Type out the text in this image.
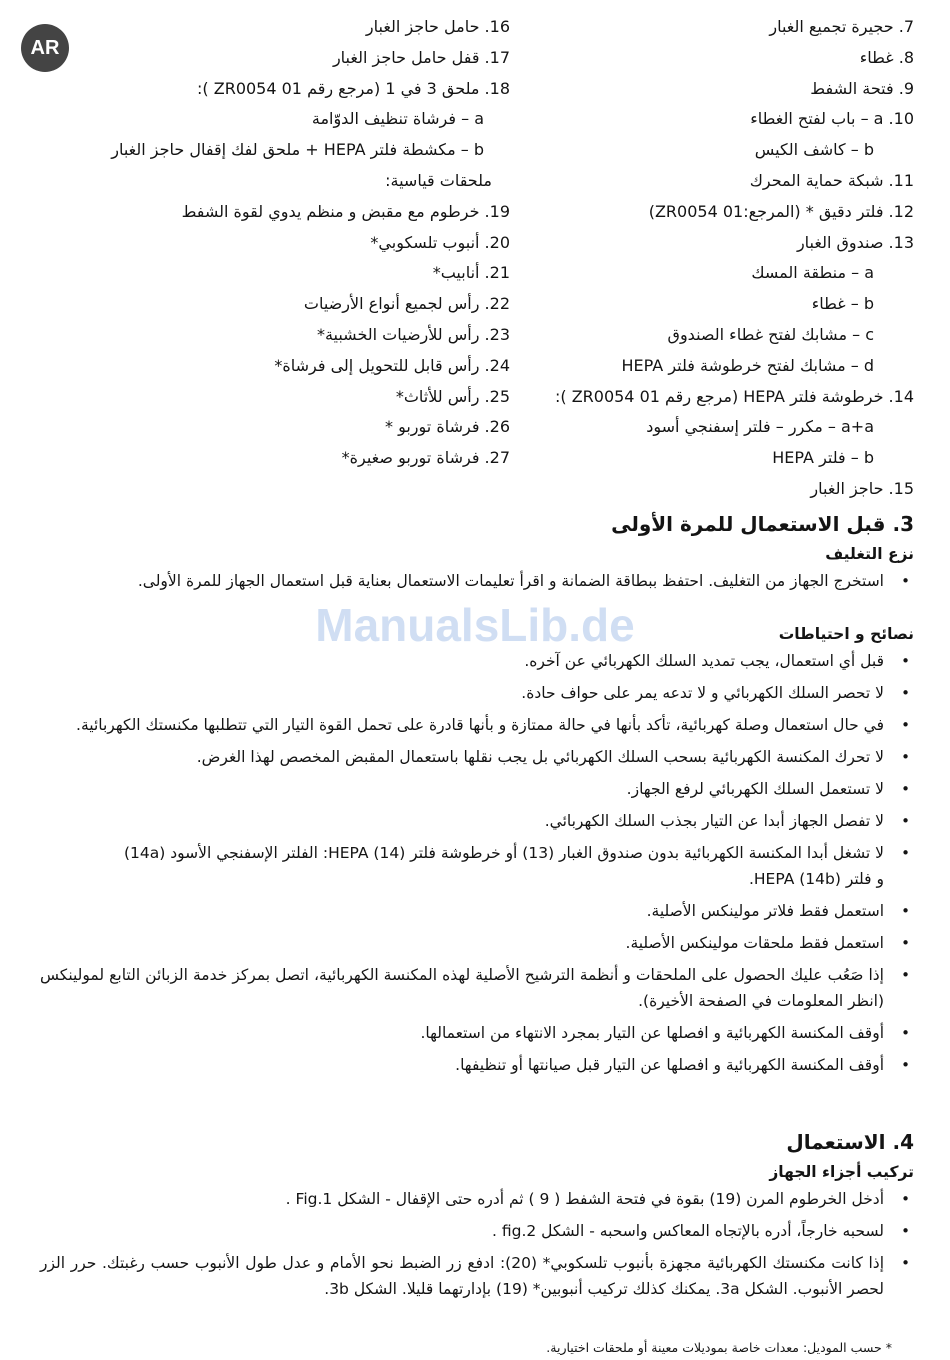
AR
7. حجيرة تجميع الغبار
8. غطاء
9. فتحة الشفط
10. a – باب لفتح الغطاء
b – كاشف الكيس
11. شبكة حماية المحرك
12. فلتر دقيق * (المرجع:01 ZR0054)
13. صندوق الغبار
a – منطقة المسك
b – غطاء
c – مشابك لفتح غطاء الصندوق
d – مشابك لفتح خرطوشة فلتر HEPA
14. خرطوشة فلتر HEPA (مرجع رقم 01 ZR0054 ):
a+a – مكرر – فلتر إسفنجي أسود
b – فلتر HEPA
15. حاجز الغبار
16. حامل حاجز الغبار
17. قفل حامل حاجز الغبار
18. ملحق 3 في 1 (مرجع رقم 01 ZR0054 ):
a – فرشاة تنظيف الدوّامة
b – مكشطة فلتر HEPA + ملحق لفك إقفال حاجز الغبار
ملحقات قياسية:
19. خرطوم مع مقبض و منظم يدوي لقوة الشفط
20. أنبوب تلسكوبي*
21. أنابيب*
22. رأس لجميع أنواع الأرضيات
23. رأس للأرضيات الخشبية*
24. رأس قابل للتحويل إلى فرشاة*
25. رأس للأثاث*
26. فرشاة توربو *
27. فرشاة توربو صغيرة*
ManualsLib.de
3. قبل الاستعمال للمرة الأولى
نزع التغليف
• استخرج الجهاز من التغليف. احتفظ ببطاقة الضمانة و اقرأ تعليمات الاستعمال بعناية قبل استعمال الجهاز للمرة الأولى.
نصائح و احتياطات
• قبل أي استعمال، يجب تمديد السلك الكهربائي عن آخره.
• لا تحصر السلك الكهربائي و لا تدعه يمر على حواف حادة.
• في حال استعمال وصلة كهربائية، تأكد بأنها في حالة ممتازة و بأنها قادرة على تحمل القوة التيار التي تتطلبها مكنستك الكهربائية.
• لا تحرك المكنسة الكهربائية بسحب السلك الكهربائي بل يجب نقلها باستعمال المقبض المخصص لهذا الغرض.
• لا تستعمل السلك الكهربائي لرفع الجهاز.
• لا تفصل الجهاز أبدا عن التيار بجذب السلك الكهربائي.
• لا تشغل أبدا المكنسة الكهربائية بدون صندوق الغبار (13) أو خرطوشة فلتر HEPA (14): الفلتر الإسفنجي الأسود (14a)
و فلتر HEPA (14b).
• استعمل فقط فلاتر مولينكس الأصلية.
• استعمل فقط ملحقات مولينكس الأصلية.
• إذا صَعُب عليك الحصول على الملحقات و أنظمة الترشيح الأصلية لهذه المكنسة الكهربائية، اتصل بمركز خدمة الزبائن التابع لمولينكس (انظر المعلومات في الصفحة الأخيرة).
• أوقف المكنسة الكهربائية و افصلها عن التيار بمجرد الانتهاء من استعمالها.
• أوقف المكنسة الكهربائية و افصلها عن التيار قبل صيانتها أو تنظيفها.
4. الاستعمال
تركيب أجزاء الجهاز
• أدخل الخرطوم المرن (19) بقوة في فتحة الشفط ( 9 ) ثم أدره حتى الإقفال - الشكل Fig.1 .
• لسحبه خارجاً، أدره بالإتجاه المعاكس واسحبه - الشكل fig.2 .
• إذا كانت مكنستك الكهربائية مجهزة بأنبوب تلسكوبي* (20): ادفع زر الضبط نحو الأمام و عدل طول الأنبوب حسب رغبتك. حرر الزر لحصر الأنبوب. الشكل 3a. يمكنك كذلك تركيب أنبوبين* (19) بإدارتهما قليلا. الشكل 3b.
* حسب الموديل: معدات خاصة بموديلات معينة أو ملحقات اختيارية.
